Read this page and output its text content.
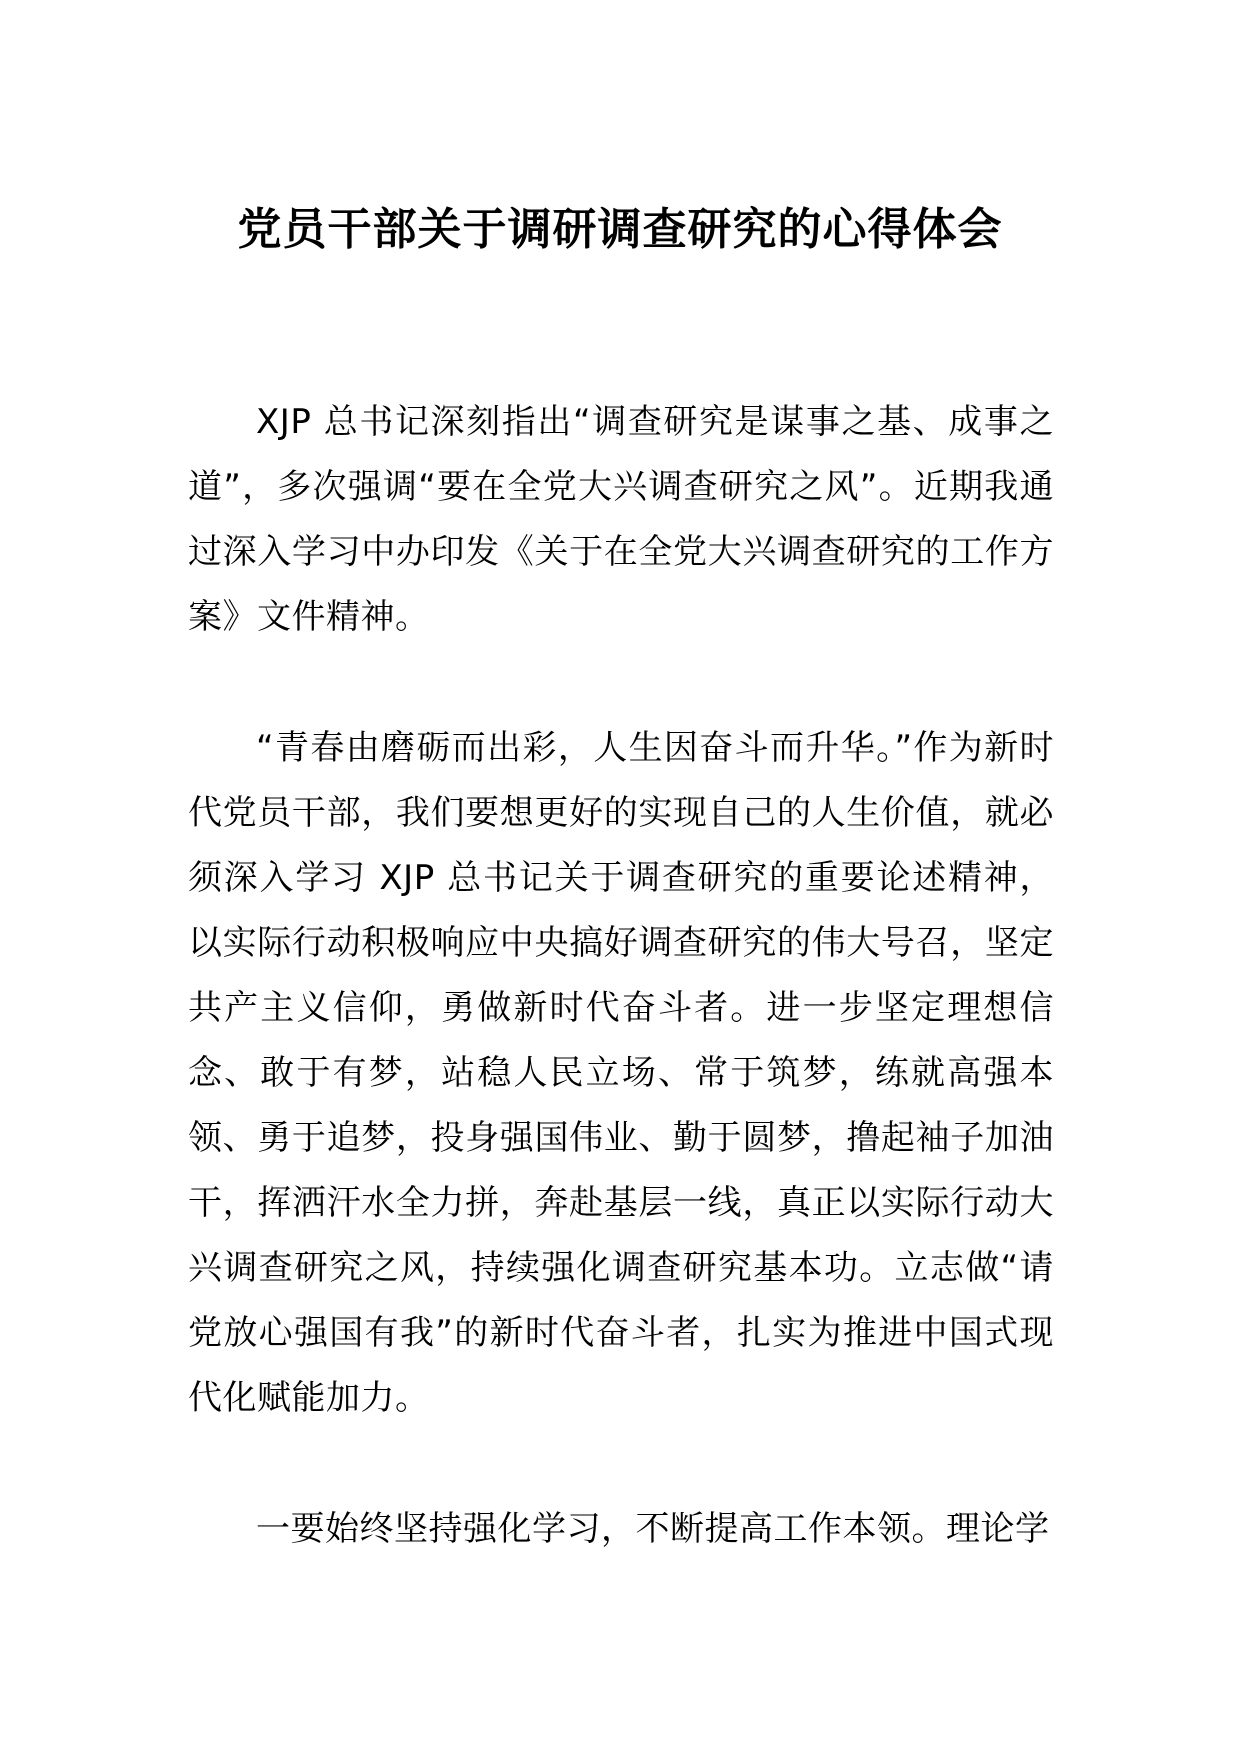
党员干部关于调研调查研究的心得体会

XJP 总书记深刻指出“调查研究是谋事之基、成事之道”，多次强调“要在全党大兴调查研究之风”。近期我通过深入学习中办印发《关于在全党大兴调查研究的工作方案》文件精神。

“青春由磨砺而出彩，人生因奋斗而升华。”作为新时代党员干部，我们要想更好的实现自己的人生价值，就必须深入学习 XJP 总书记关于调查研究的重要论述精神，以实际行动积极响应中央搞好调查研究的伟大号召，坚定共产主义信仰，勇做新时代奋斗者。进一步坚定理想信念、敢于有梦，站稳人民立场、常于筑梦，练就高强本领、勇于追梦，投身强国伟业、勤于圆梦，撸起袖子加油干，挥洒汗水全力拼，奔赴基层一线，真正以实际行动大兴调查研究之风，持续强化调查研究基本功。立志做“请党放心强国有我”的新时代奋斗者，扎实为推进中国式现代化赋能加力。

一要始终坚持强化学习，不断提高工作本领。理论学
